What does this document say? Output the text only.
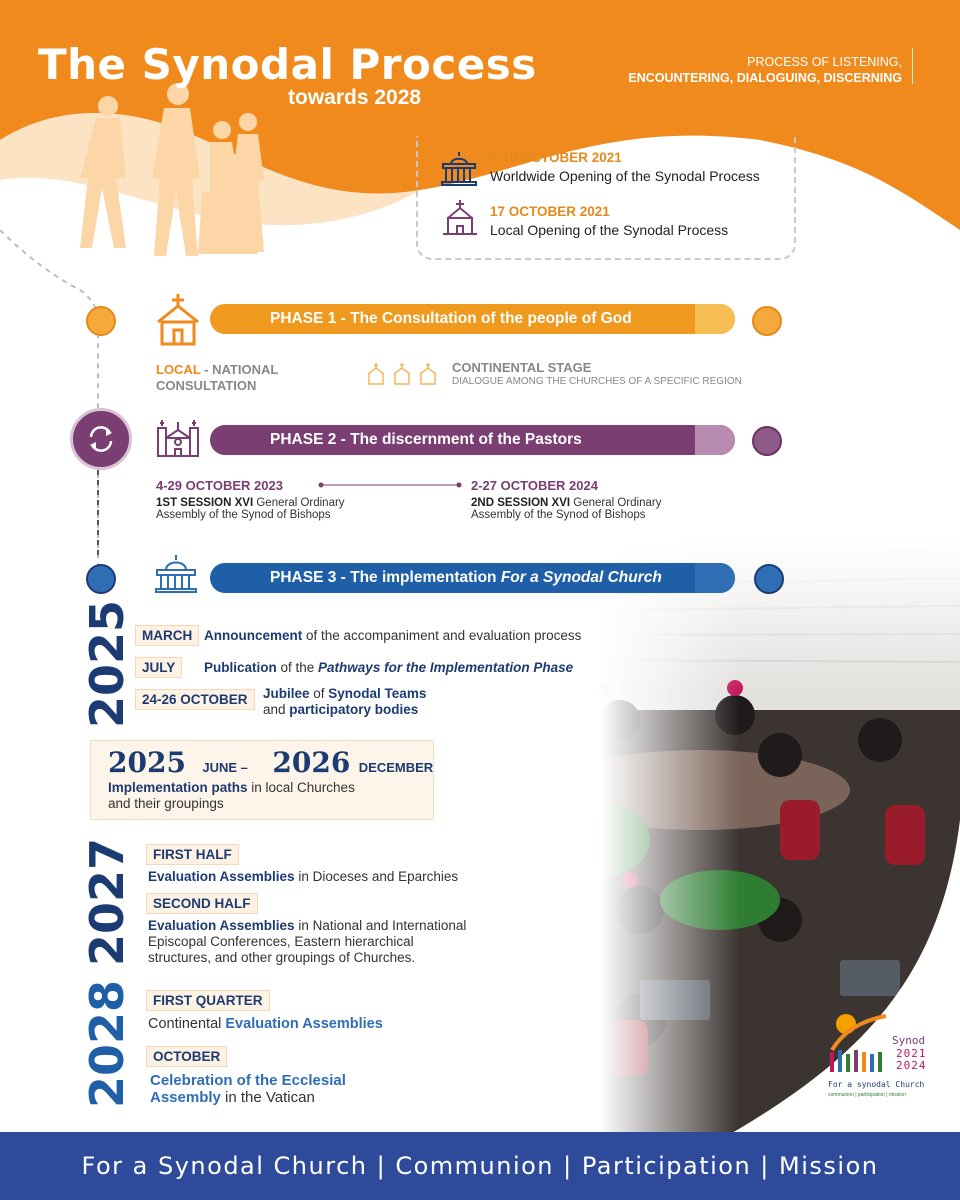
The Synodal Process
towards 2028
PROCESS OF LISTENING,
ENCOUNTERING, DIALOGUING, DISCERNING
9-10 OCTOBER 2021
Worldwide Opening of the Synodal Process
17 OCTOBER 2021
Local Opening of the Synodal Process
PHASE 1 - The Consultation of the people of God
LOCAL - NATIONAL
CONSULTATION
CONTINENTAL STAGE
DIALOGUE AMONG THE CHURCHES OF A SPECIFIC REGION
PHASE 2 - The discernment of the Pastors
4-29 OCTOBER 2023
1ST SESSION XVI General Ordinary
Assembly of the Synod of Bishops
2-27 OCTOBER 2024
2ND SESSION XVI General Ordinary
Assembly of the Synod of Bishops
PHASE 3 - The implementation For a Synodal Church
2025 MARCH Announcement of the accompaniment and evaluation process
JULY	Publication of the Pathways for the Implementation Phase
24-26 OCTOBER	Jubilee of Synodal Teams
and participatory bodies
2025 JUNE – 2026 DECEMBER
Implementation paths in local Churches
and their groupings
2027	FIRST HALF
Evaluation Assemblies in Dioceses and Eparchies
SECOND HALF
Evaluation Assemblies in National and International
Episcopal Conferences, Eastern hierarchical
structures, and other groupings of Churches.
2028	FIRST QUARTER
Continental Evaluation Assemblies
OCTOBER
Celebration of the Ecclesial
Assembly in the Vatican
Synod
2021
2024
For a synodal Church
communion | participation | mission
For a Synodal Church | Communion | Participation | Mission
